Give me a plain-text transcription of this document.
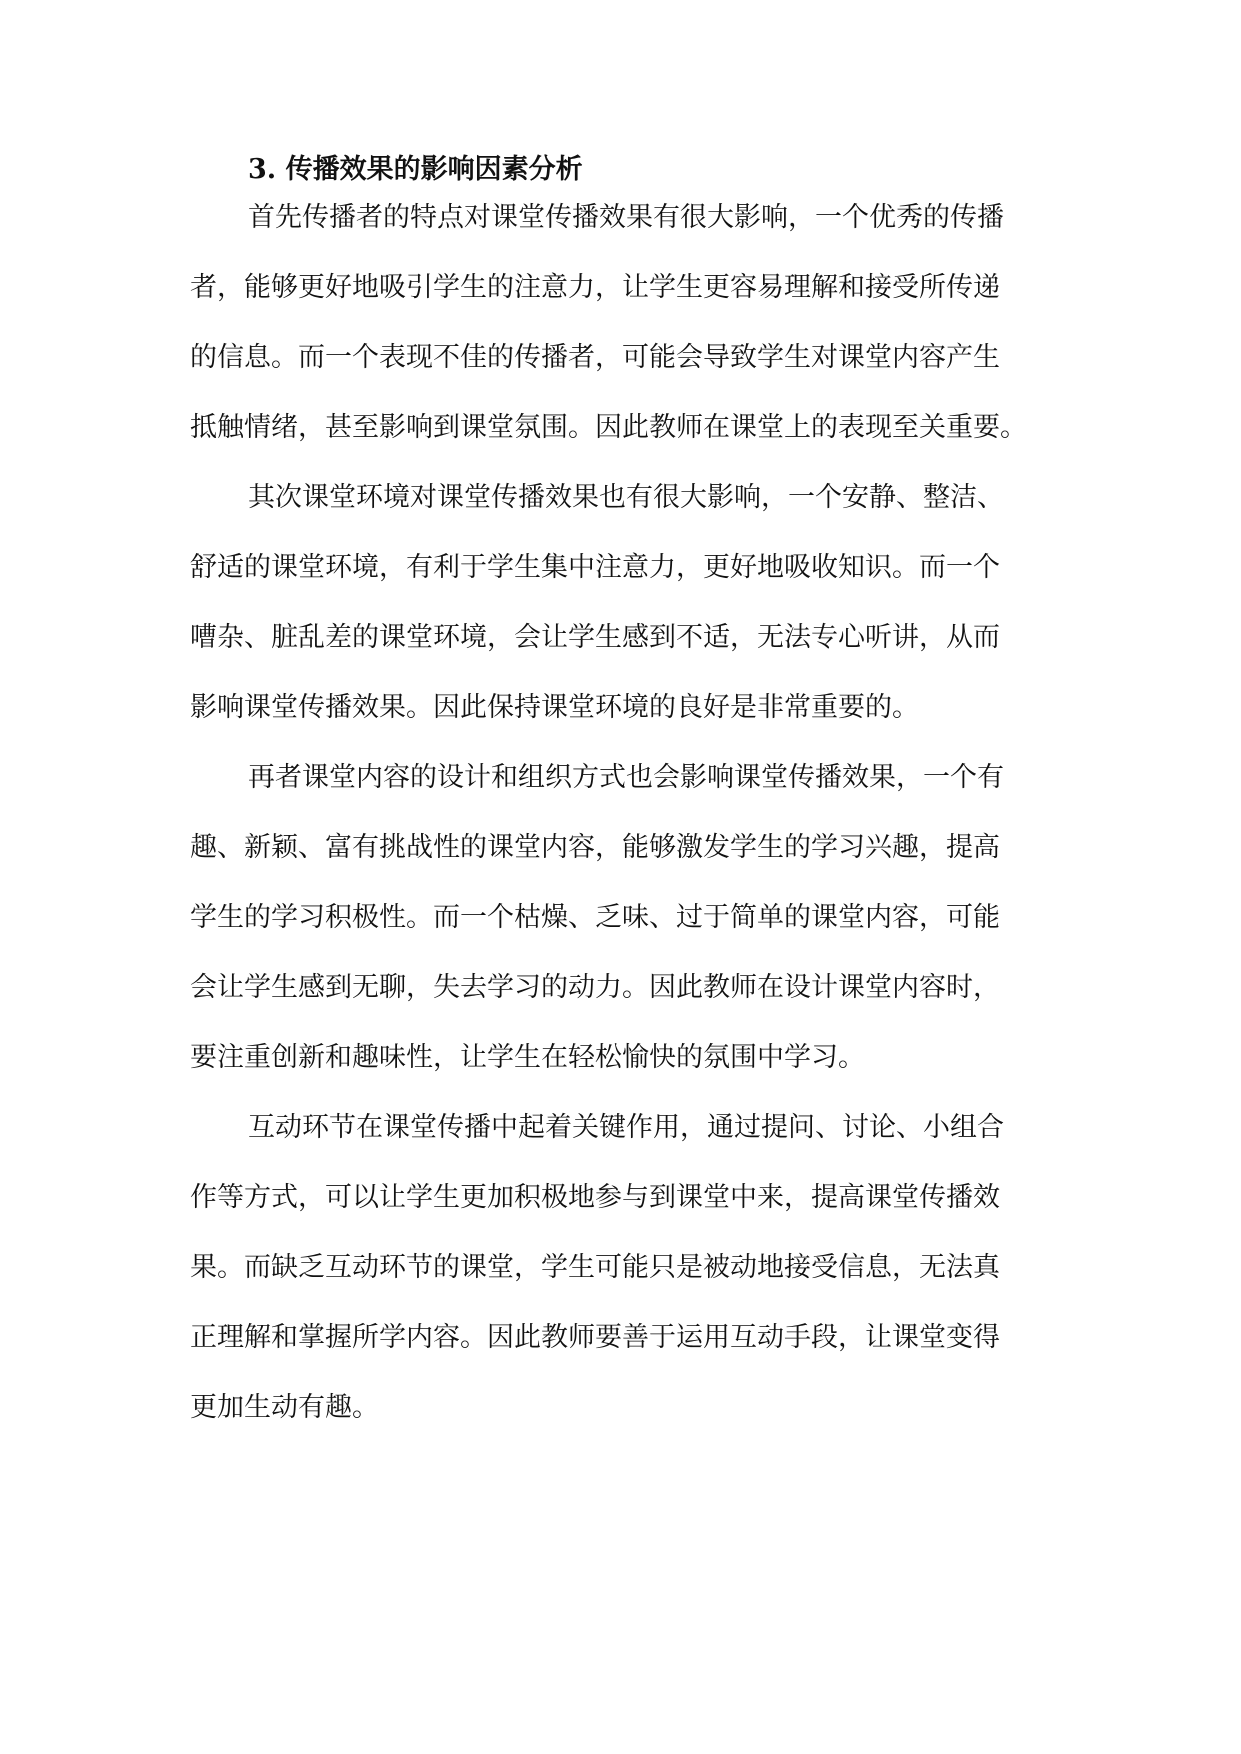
3. 传播效果的影响因素分析
首先传播者的特点对课堂传播效果有很大影响，一个优秀的传播
者，能够更好地吸引学生的注意力，让学生更容易理解和接受所传递
的信息。而一个表现不佳的传播者，可能会导致学生对课堂内容产生
抵触情绪，甚至影响到课堂氛围。因此教师在课堂上的表现至关重要。
其次课堂环境对课堂传播效果也有很大影响，一个安静、整洁、
舒适的课堂环境，有利于学生集中注意力，更好地吸收知识。而一个
嘈杂、脏乱差的课堂环境，会让学生感到不适，无法专心听讲，从而
影响课堂传播效果。因此保持课堂环境的良好是非常重要的。
再者课堂内容的设计和组织方式也会影响课堂传播效果，一个有
趣、新颖、富有挑战性的课堂内容，能够激发学生的学习兴趣，提高
学生的学习积极性。而一个枯燥、乏味、过于简单的课堂内容，可能
会让学生感到无聊，失去学习的动力。因此教师在设计课堂内容时，
要注重创新和趣味性，让学生在轻松愉快的氛围中学习。
互动环节在课堂传播中起着关键作用，通过提问、讨论、小组合
作等方式，可以让学生更加积极地参与到课堂中来，提高课堂传播效
果。而缺乏互动环节的课堂，学生可能只是被动地接受信息，无法真
正理解和掌握所学内容。因此教师要善于运用互动手段，让课堂变得
更加生动有趣。
